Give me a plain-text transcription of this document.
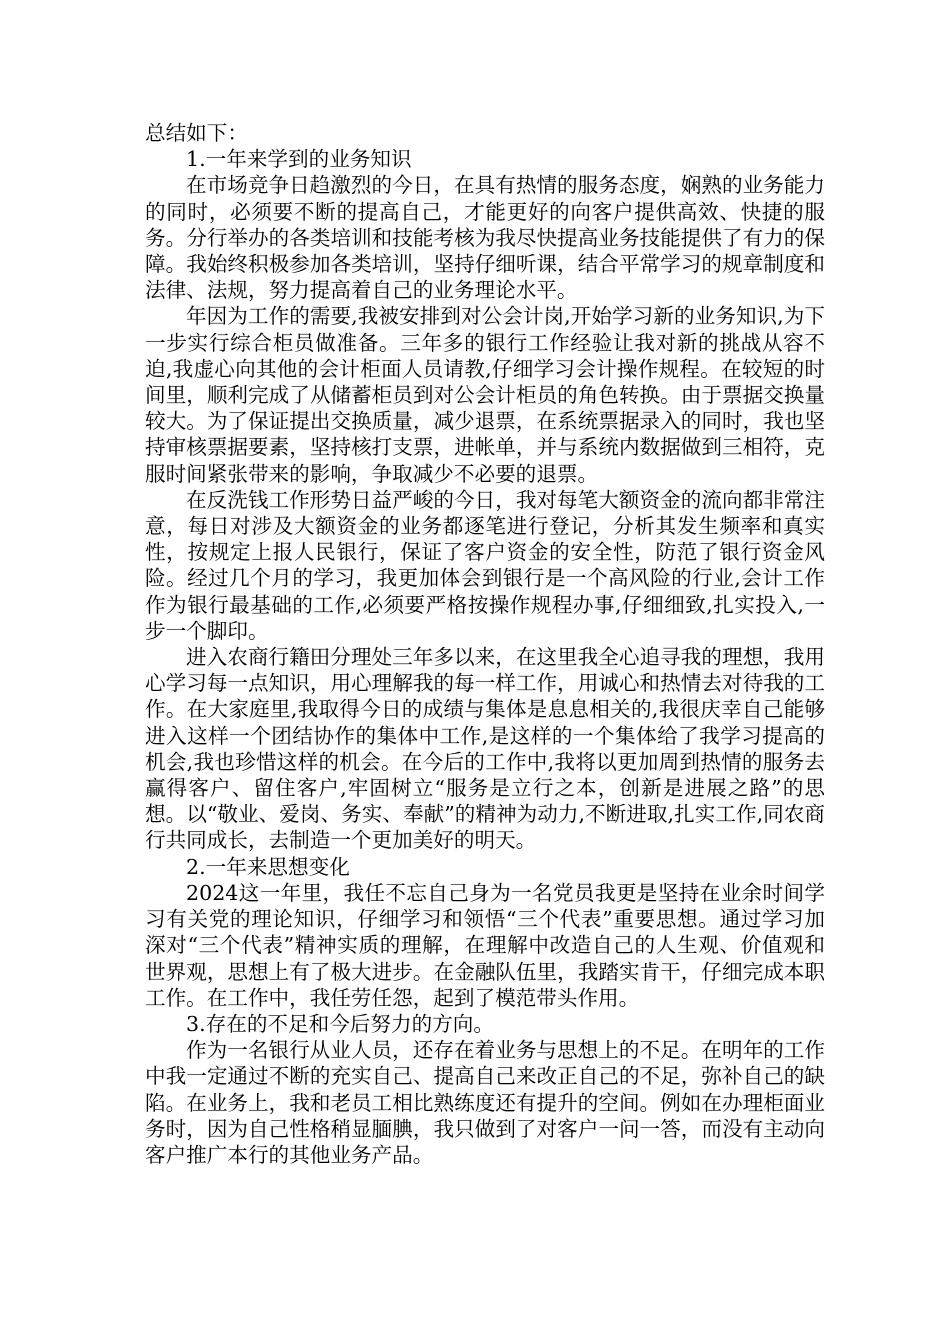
总结如下：

1.一年来学到的业务知识

在市场竞争日趋激烈的今日，在具有热情的服务态度，娴熟的业务能力的同时，必须要不断的提高自己，才能更好的向客户提供高效、快捷的服务。分行举办的各类培训和技能考核为我尽快提高业务技能提供了有力的保障。我始终积极参加各类培训，坚持仔细听课，结合平常学习的规章制度和法律、法规，努力提高着自己的业务理论水平。

年因为工作的需要,我被安排到对公会计岗,开始学习新的业务知识,为下一步实行综合柜员做准备。三年多的银行工作经验让我对新的挑战从容不迫,我虚心向其他的会计柜面人员请教,仔细学习会计操作规程。在较短的时间里，顺利完成了从储蓄柜员到对公会计柜员的角色转换。由于票据交换量较大。为了保证提出交换质量，减少退票，在系统票据录入的同时，我也坚持审核票据要素，坚持核打支票，进帐单，并与系统内数据做到三相符，克服时间紧张带来的影响，争取减少不必要的退票。

在反洗钱工作形势日益严峻的今日，我对每笔大额资金的流向都非常注意，每日对涉及大额资金的业务都逐笔进行登记，分析其发生频率和真实性，按规定上报人民银行，保证了客户资金的安全性，防范了银行资金风险。经过几个月的学习，我更加体会到银行是一个高风险的行业,会计工作作为银行最基础的工作,必须要严格按操作规程办事,仔细细致,扎实投入,一步一个脚印。

进入农商行籍田分理处三年多以来，在这里我全心追寻我的理想，我用心学习每一点知识，用心理解我的每一样工作，用诚心和热情去对待我的工作。在大家庭里,我取得今日的成绩与集体是息息相关的,我很庆幸自己能够进入这样一个团结协作的集体中工作,是这样的一个集体给了我学习提高的机会,我也珍惜这样的机会。在今后的工作中,我将以更加周到热情的服务去赢得客户、留住客户,牢固树立“服务是立行之本，创新是进展之路”的思想。以“敬业、爱岗、务实、奉献”的精神为动力,不断进取,扎实工作,同农商行共同成长，去制造一个更加美好的明天。

2.一年来思想变化

2024这一年里，我任不忘自己身为一名党员我更是坚持在业余时间学习有关党的理论知识，仔细学习和领悟“三个代表”重要思想。通过学习加深对“三个代表”精神实质的理解，在理解中改造自己的人生观、价值观和世界观，思想上有了极大进步。在金融队伍里，我踏实肯干，仔细完成本职工作。在工作中，我任劳任怨，起到了模范带头作用。

3.存在的不足和今后努力的方向。

作为一名银行从业人员，还存在着业务与思想上的不足。在明年的工作中我一定通过不断的充实自己、提高自己来改正自己的不足，弥补自己的缺陷。在业务上，我和老员工相比熟练度还有提升的空间。例如在办理柜面业务时，因为自己性格稍显腼腆，我只做到了对客户一问一答，而没有主动向客户推广本行的其他业务产品。
